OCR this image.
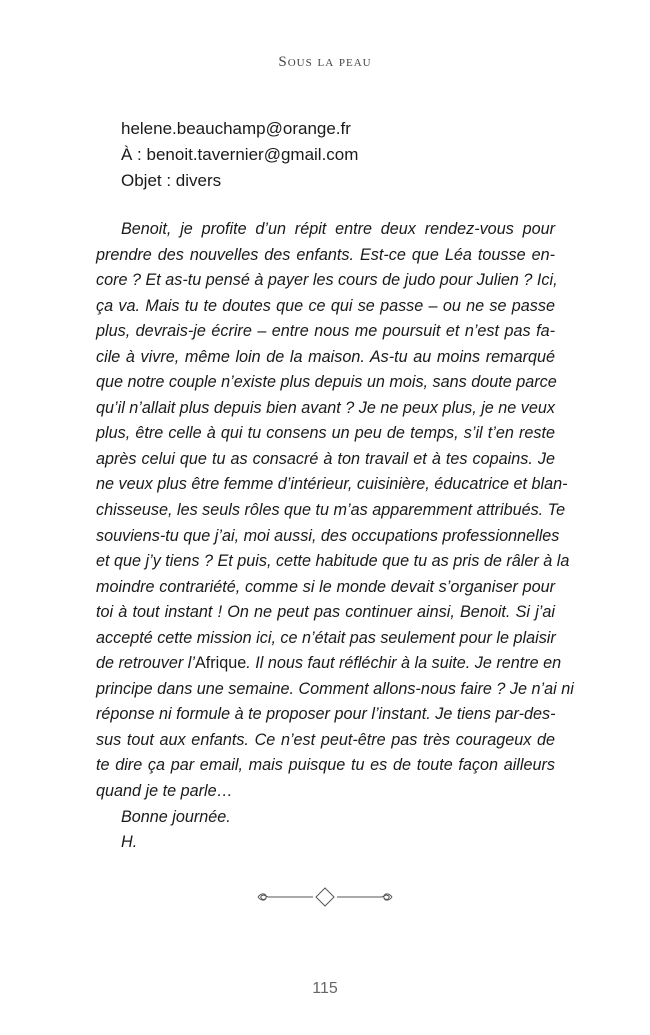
Sous la peau
helene.beauchamp@orange.fr
À : benoit.tavernier@gmail.com
Objet : divers
Benoit, je profite d’un répit entre deux rendez-vous pour
prendre des nouvelles des enfants. Est-ce que Léa tousse en-
core ? Et as-tu pensé à payer les cours de judo pour Julien ? Ici,
ça va. Mais tu te doutes que ce qui se passe – ou ne se passe
plus, devrais-je écrire – entre nous me poursuit et n’est pas fa-
cile à vivre, même loin de la maison. As-tu au moins remarqué
que notre couple n’existe plus depuis un mois, sans doute parce
qu’il n’allait plus depuis bien avant ? Je ne peux plus, je ne veux
plus, être celle à qui tu consens un peu de temps, s’il t’en reste
après celui que tu as consacré à ton travail et à tes copains. Je
ne veux plus être femme d’intérieur, cuisinière, éducatrice et blan-
chisseuse, les seuls rôles que tu m’as apparemment attribués. Te
souviens-tu que j’ai, moi aussi, des occupations professionnelles
et que j’y tiens ? Et puis, cette habitude que tu as pris de râler à la
moindre contrariété, comme si le monde devait s’organiser pour
toi à tout instant ! On ne peut pas continuer ainsi, Benoit. Si j’ai
accepté cette mission ici, ce n’était pas seulement pour le plaisir
de retrouver l’Afrique. Il nous faut réfléchir à la suite. Je rentre en
principe dans une semaine. Comment allons-nous faire ? Je n’ai ni
réponse ni formule à te proposer pour l’instant. Je tiens par-des-
sus tout aux enfants. Ce n’est peut-être pas très courageux de
te dire ça par email, mais puisque tu es de toute façon ailleurs
quand je te parle…
Bonne journée.
H.
115
